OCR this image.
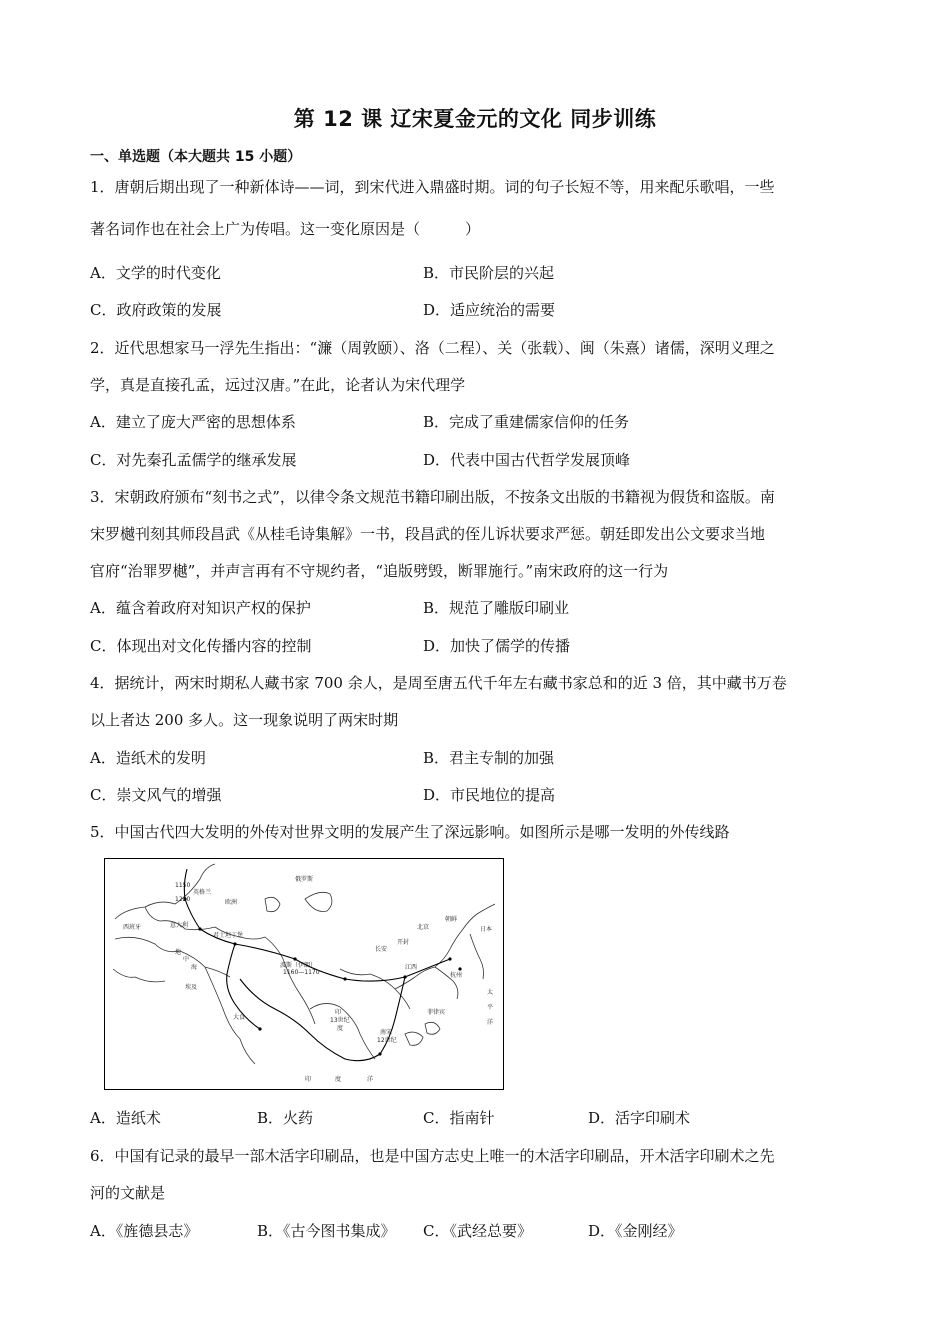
第 12 课 辽宋夏金元的文化 同步训练
一、单选题（本大题共 15 小题）
1．唐朝后期出现了一种新体诗——词，到宋代进入鼎盛时期。词的句子长短不等，用来配乐歌唱，一些
著名词作也在社会上广为传唱。这一变化原因是（　　　）
A．文学的时代变化	B．市民阶层的兴起
C．政府政策的发展	D．适应统治的需要
2．近代思想家马一浮先生指出：“濂（周敦颐）、洛（二程）、关（张载）、闽（朱熹）诸儒，深明义理之
学，真是直接孔孟，远过汉唐。”在此，论者认为宋代理学
A．建立了庞大严密的思想体系	B．完成了重建儒家信仰的任务
C．对先秦孔孟儒学的继承发展	D．代表中国古代哲学发展顶峰
3．宋朝政府颁布“刻书之式”，以律令条文规范书籍印刷出版，不按条文出版的书籍视为假货和盗版。南
宋罗樾刊刻其师段昌武《从桂毛诗集解》一书，段昌武的侄儿诉状要求严惩。朝廷即发出公文要求当地
官府“治罪罗樾”，并声言再有不守规约者，“追版劈毁，断罪施行。”南宋政府的这一行为
A．蕴含着政府对知识产权的保护	B．规范了雕版印刷业
C．体现出对文化传播内容的控制	D．加快了儒学的传播
4．据统计，两宋时期私人藏书家 700 余人，是周至唐五代千年左右藏书家总和的近 3 倍，其中藏书万卷
以上者达 200 多人。这一现象说明了两宋时期
A．造纸术的发明	B．君主专制的加强
C．崇文风气的增强	D．市民地位的提高
5．中国古代四大发明的外传对世界文明的发展产生了深远影响。如图所示是哪一发明的外传线路
1150
英格兰
1220	欧洲
俄罗斯
西班牙	意大利
地
中
海
君士坦丁堡
波斯（伊朗）
1160—1170
埃及
大食
印
13世纪
度
南宋
12世纪
长安
开封
江西
北京
朝鲜
杭州
日本
太
平
洋
印	度	洋
菲律宾
A．造纸术	B．火药	C．指南针	D．活字印刷术
6．中国有记录的最早一部木活字印刷品，也是中国方志史上唯一的木活字印刷品，开木活字印刷术之先
河的文献是
A．《旌德县志》	B．《古今图书集成》 C．《武经总要》	D．《金刚经》
